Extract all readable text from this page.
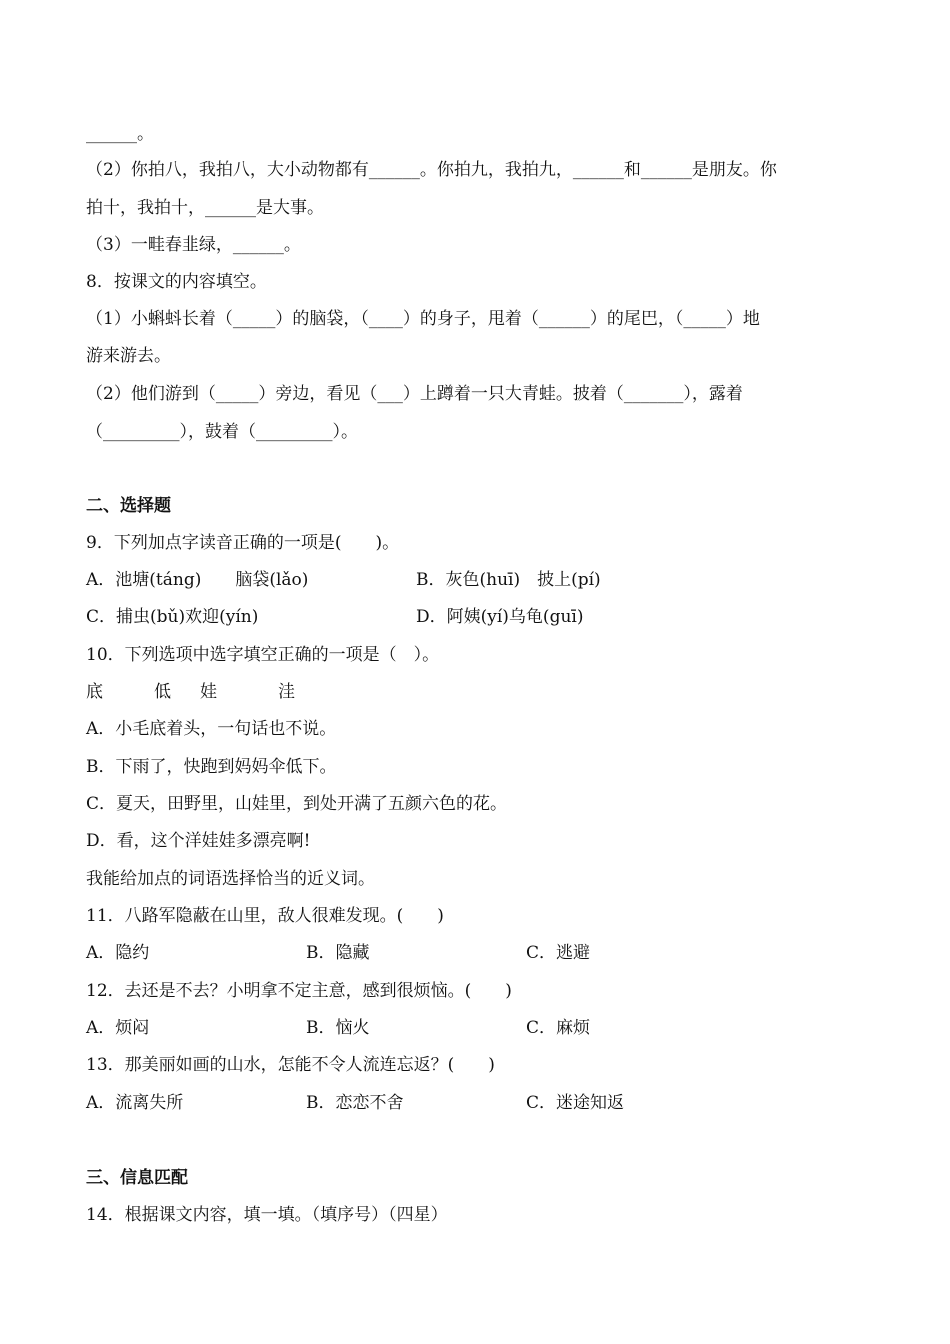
______。
（2）你拍八，我拍八，大小动物都有______。你拍九，我拍九，______和______是朋友。你
拍十，我拍十，______是大事。
（3）一畦春韭绿，______。
8．按课文的内容填空。
（1）小蝌蚪长着（_____）的脑袋，（____）的身子，甩着（______）的尾巴，（_____）地
游来游去。
（2）他们游到（_____）旁边，看见（___）上蹲着一只大青蛙。披着（_______），露着
（_________），鼓着（_________）。
二、选择题
9．下列加点字读音正确的一项是(　　)。
A．池塘(táng)　　脑袋(lǎo)	B．灰色(huī)　披上(pí)
C．捕虫(bǔ)欢迎(yín)	D．阿姨(yí)乌龟(guī)
10．下列选项中选字填空正确的一项是（　）。
底	低 娃	洼
A．小毛底着头，一句话也不说。
B．下雨了，快跑到妈妈伞低下。
C．夏天，田野里，山娃里，到处开满了五颜六色的花。
D．看，这个洋娃娃多漂亮啊!
我能给加点的词语选择恰当的近义词。
11．八路军隐蔽在山里，敌人很难发现。(　　)
A．隐约	B．隐藏	C．逃避
12．去还是不去？小明拿不定主意，感到很烦恼。(　　)
A．烦闷	B．恼火	C．麻烦
13．那美丽如画的山水，怎能不令人流连忘返？(　　)
A．流离失所	B．恋恋不舍	C．迷途知返
三、信息匹配
14．根据课文内容，填一填。（填序号）（四星）
